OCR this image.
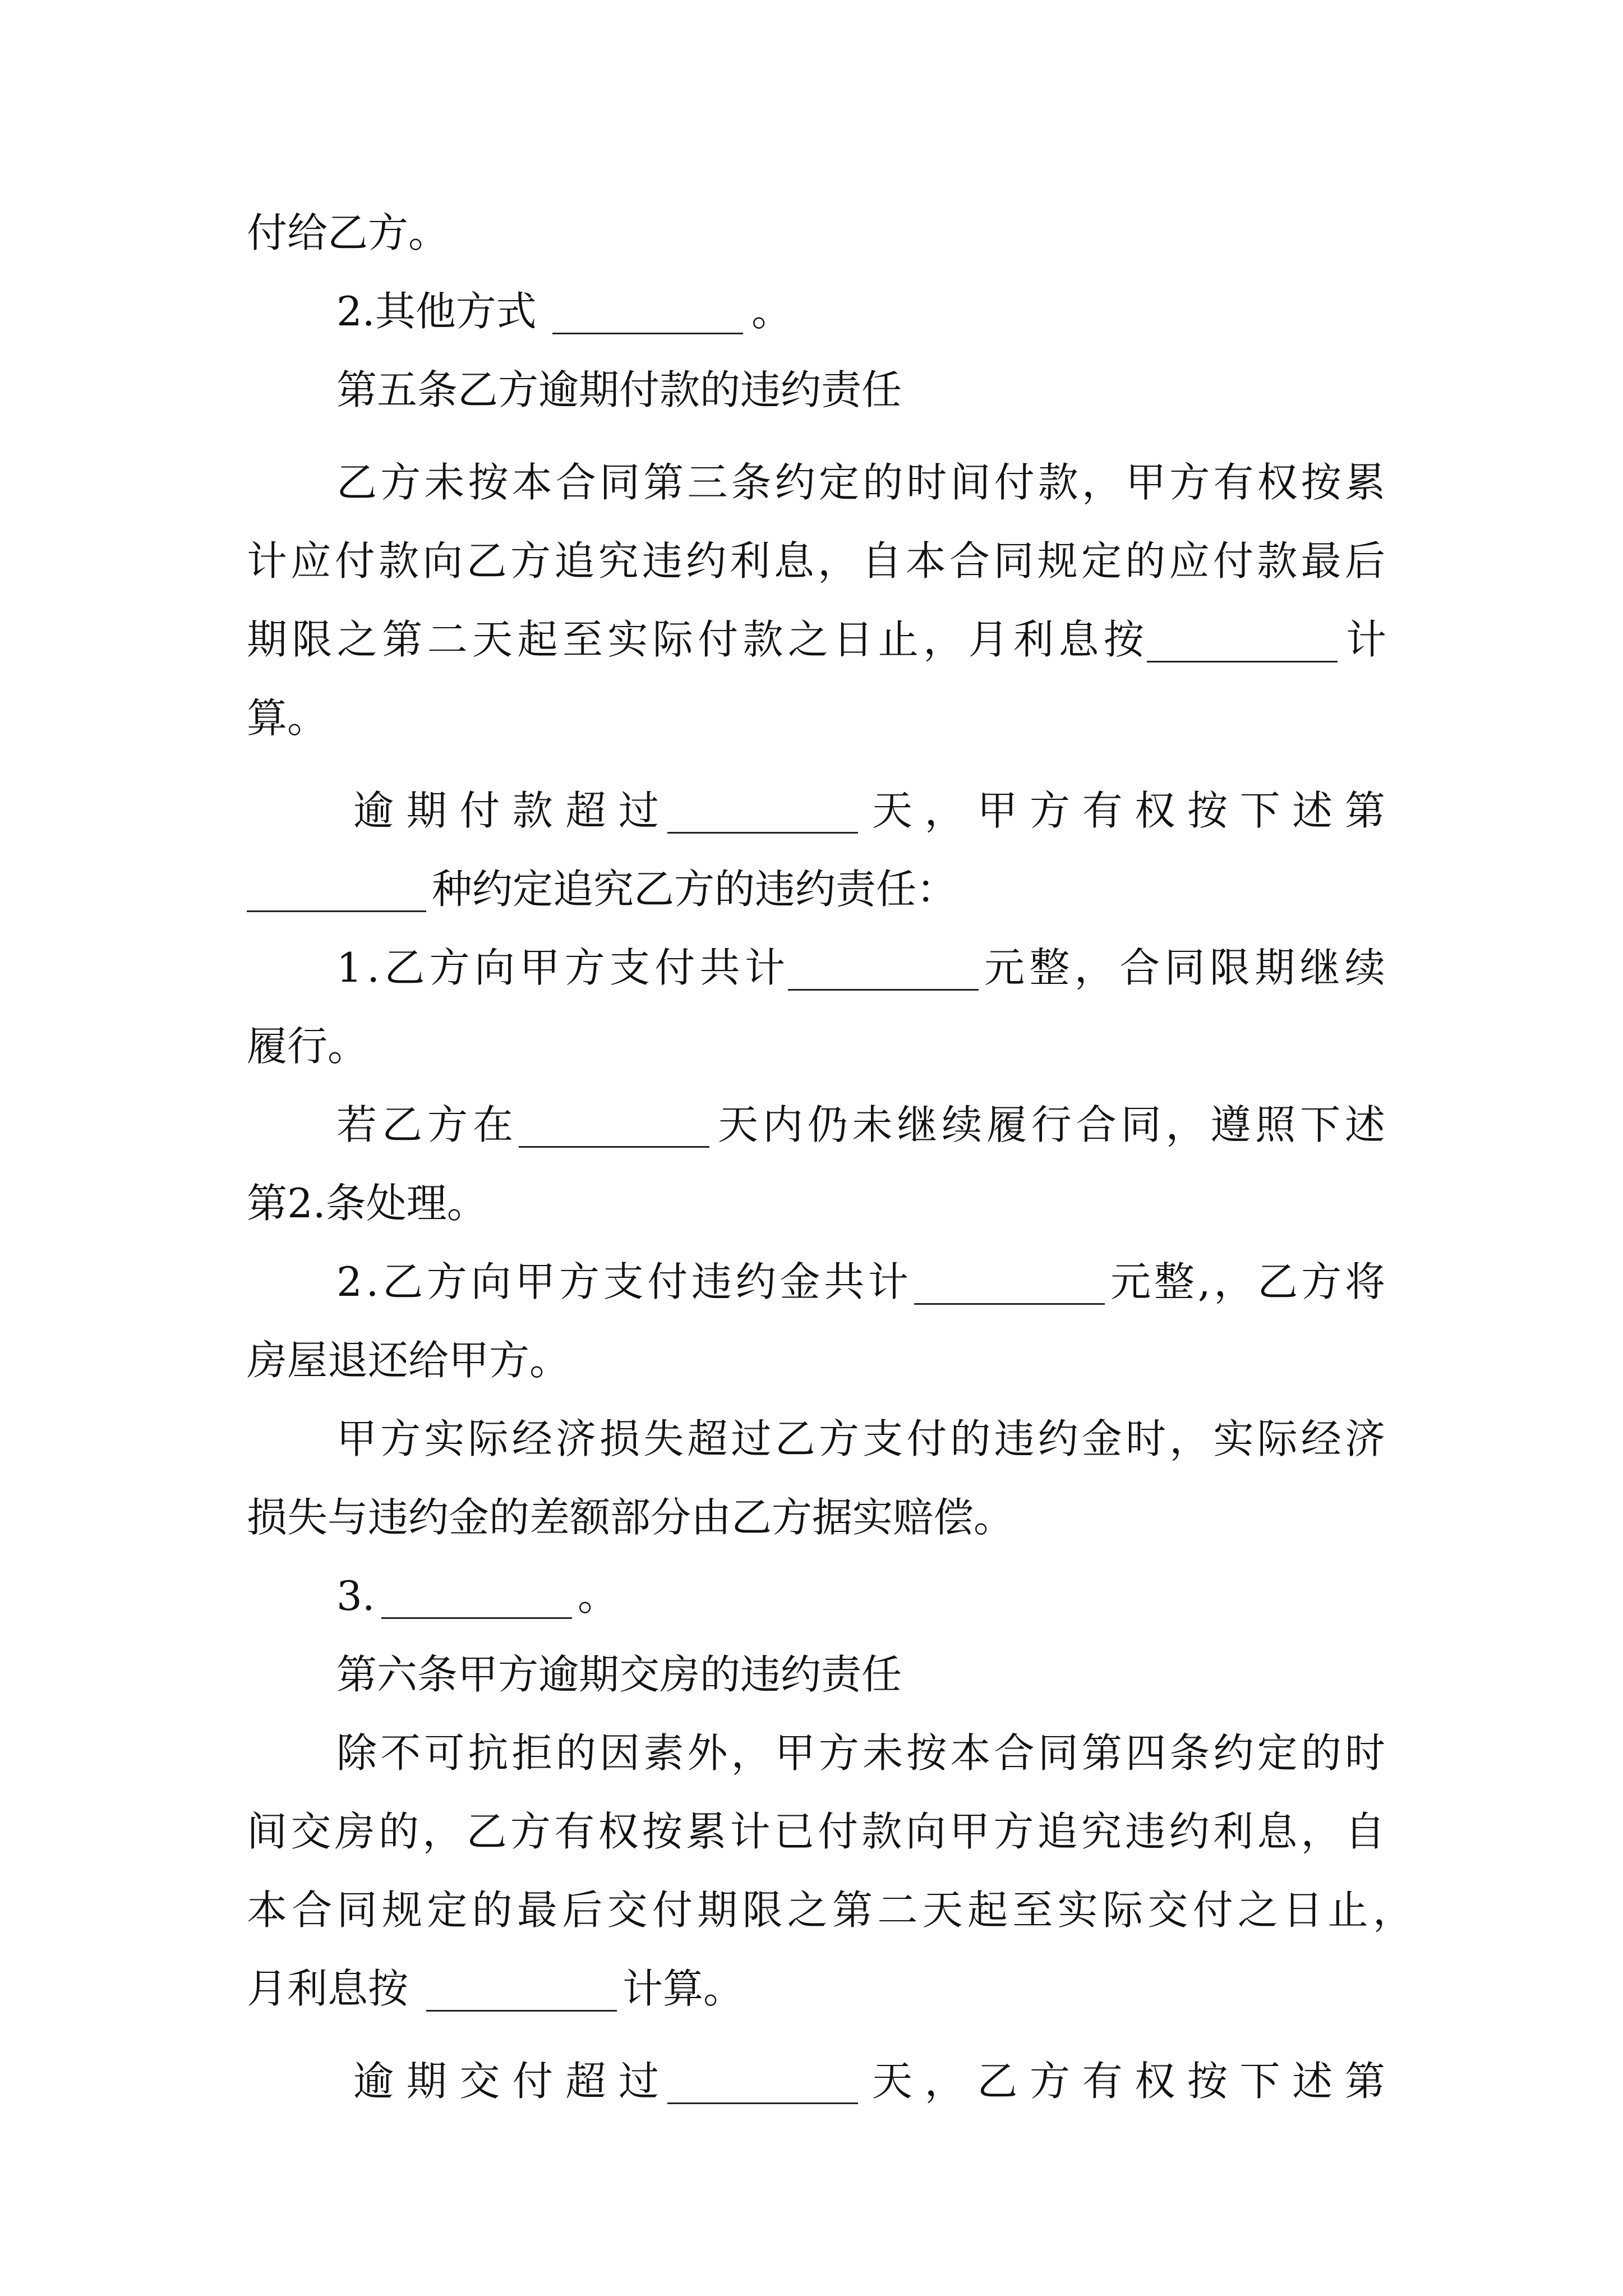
付给乙方。
2.其他方式	。
第五条乙方逾期付款的违约责任
乙 方 未 按 本 合 同 第 三 条 约 定 的 时 间 付 款 ， 甲 方 有 权 按 累
计 应 付 款 向 乙 方 追 究 违 约 利 息 ， 自 本 合 同 规 定 的 应 付 款 最 后
期 限 之 第 二 天 起 至 实 际 付 款 之 日 止 ， 月 利 息 按	计
算。
逾 期 付 款 超 过	天 ， 甲 方 有 权 按 下 述 第
种约定追究乙方的违约责任：
1 . 乙 方 向 甲 方 支 付 共 计	元 整 ， 合 同 限 期 继 续
履行。
若 乙 方 在	天 内 仍 未 继 续 履 行 合 同 ， 遵 照 下 述
第2.条处理。
2 . 乙 方 向 甲 方 支 付 违 约 金 共 计	元 整 , ， 乙 方 将
房屋退还给甲方。
甲 方 实 际 经 济 损 失 超 过 乙 方 支 付 的 违 约 金 时 ， 实 际 经 济
损失与违约金的差额部分由乙方据实赔偿。
3.	。
第六条甲方逾期交房的违约责任
除 不 可 抗 拒 的 因 素 外 ， 甲 方 未 按 本 合 同 第 四 条 约 定 的 时
间 交 房 的 ， 乙 方 有 权 按 累 计 已 付 款 向 甲 方 追 究 违 约 利 息 ， 自
本 合 同 规 定 的 最 后 交 付 期 限 之 第 二 天 起 至 实 际 交 付 之 日 止 ，
月利息按	计算。
逾 期 交 付 超 过	天 ， 乙 方 有 权 按 下 述 第
